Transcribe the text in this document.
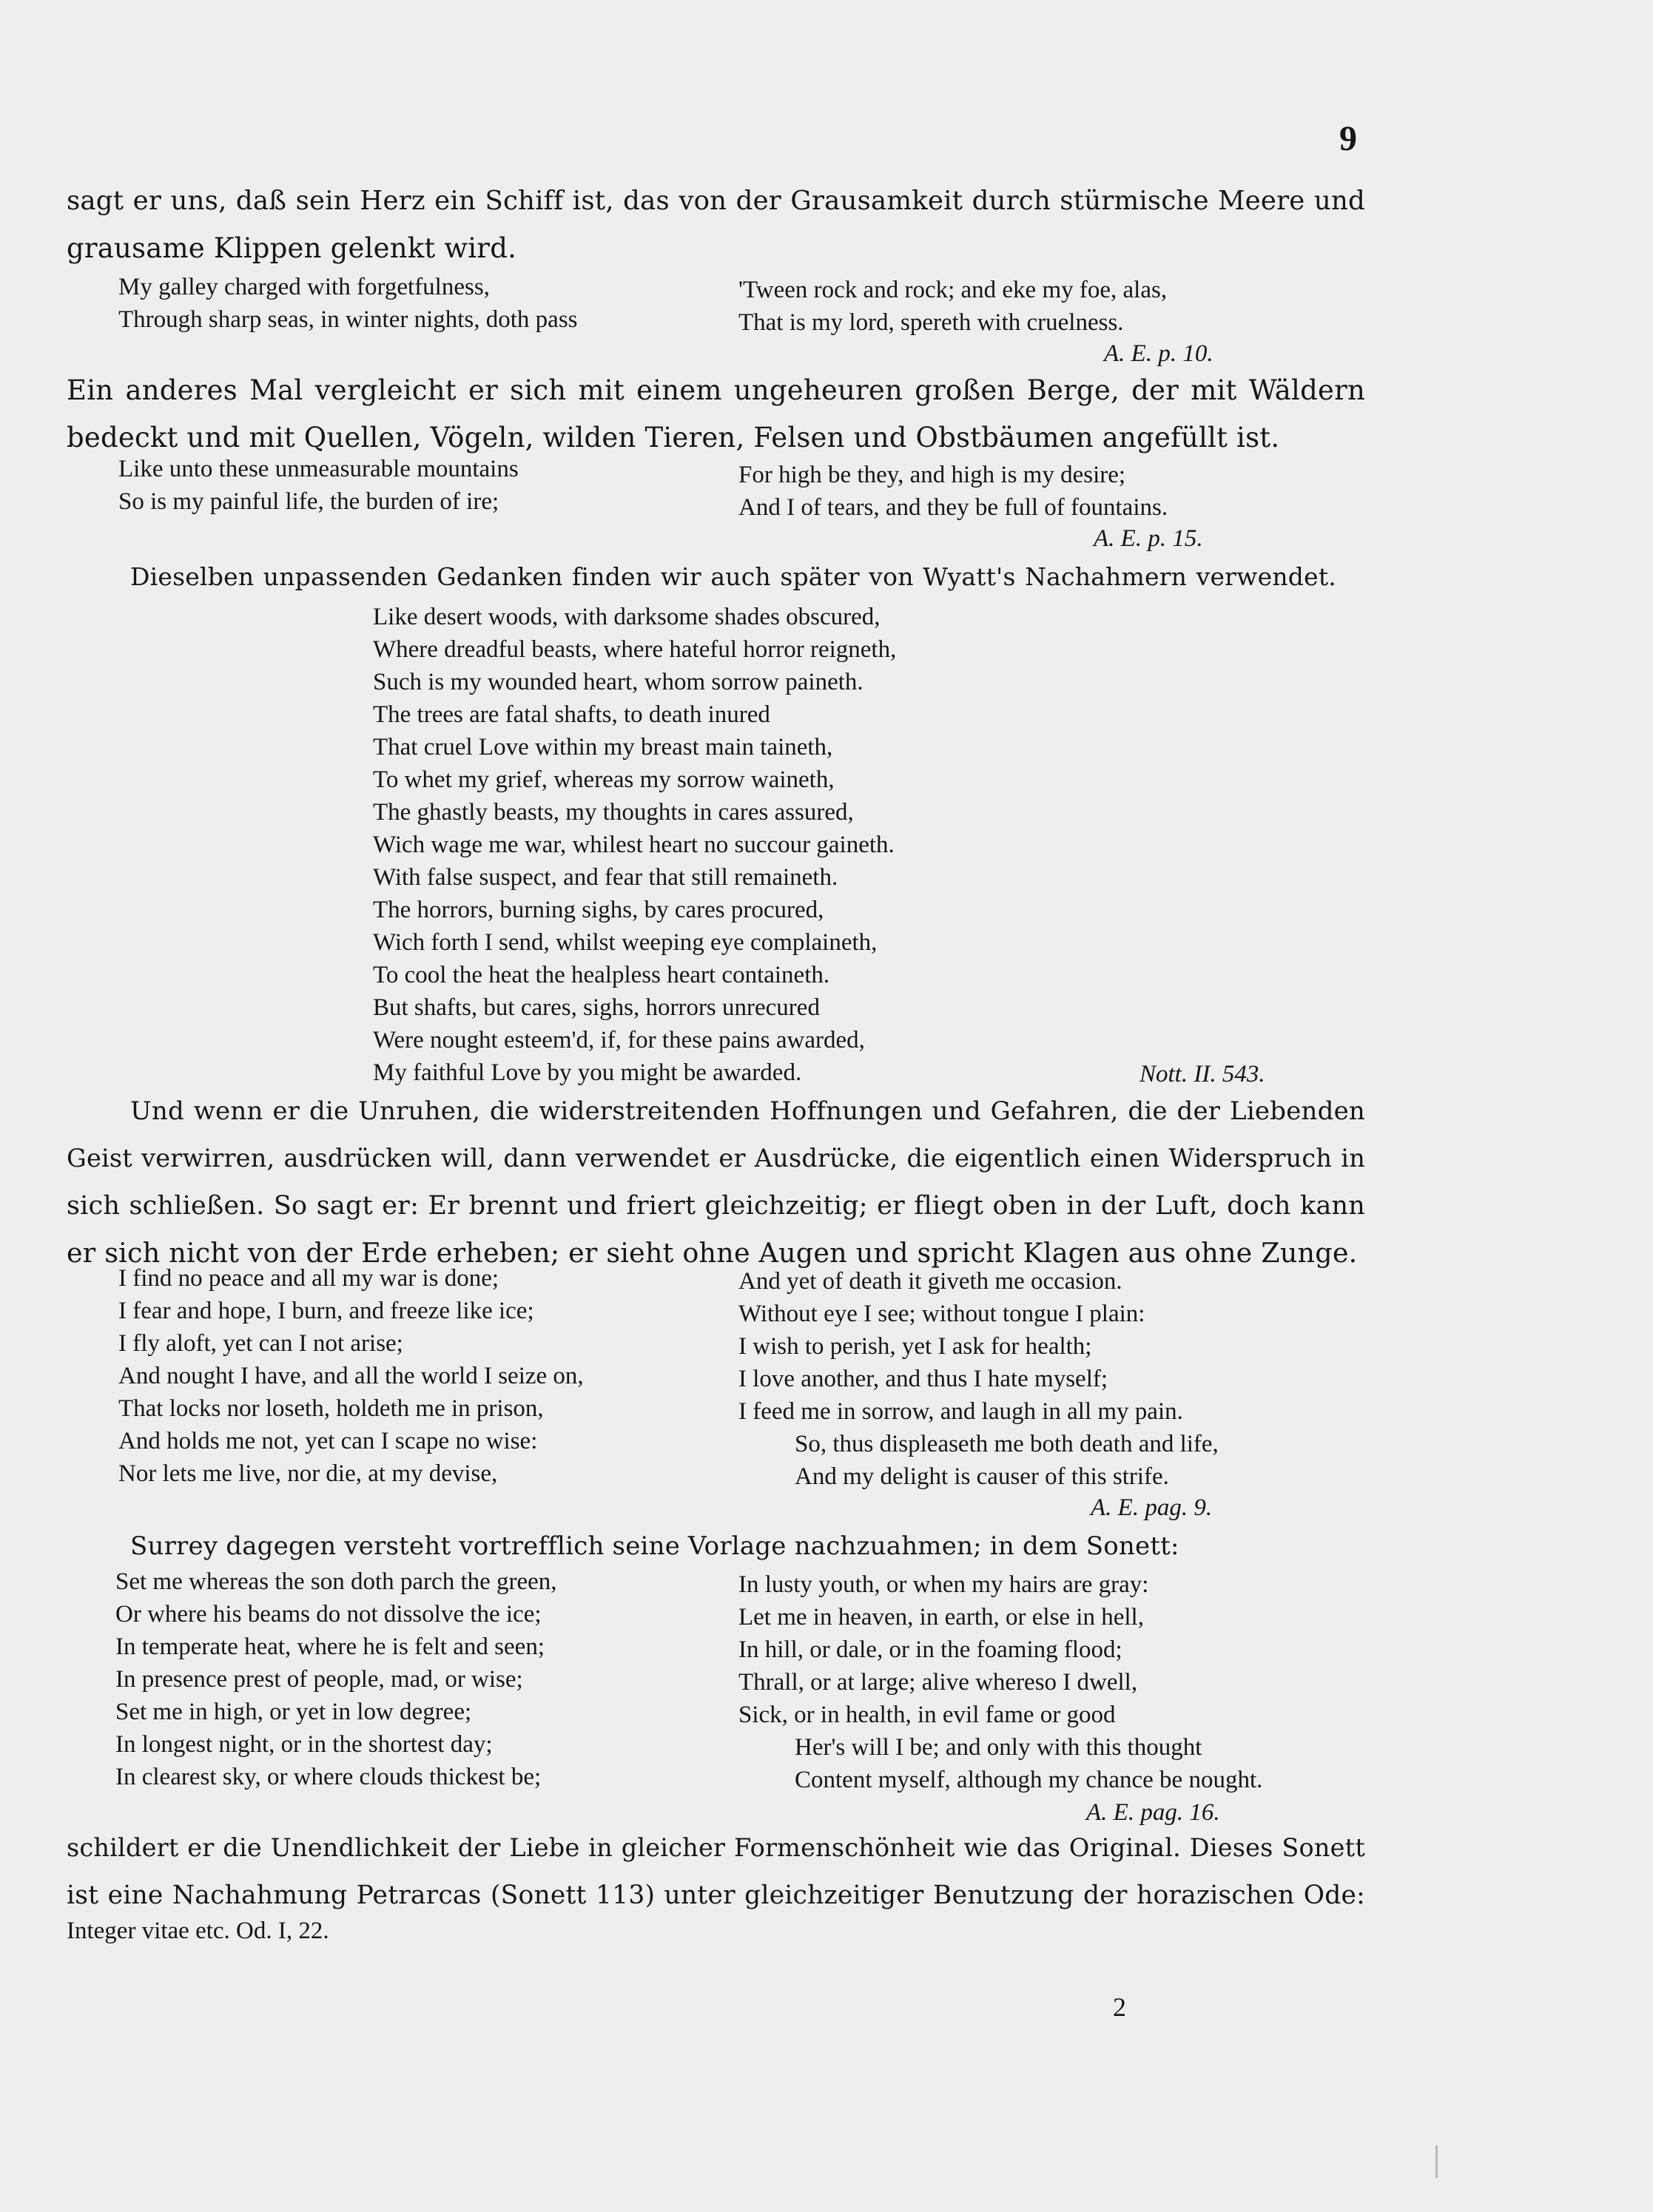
9
sagt er uns, daß sein Herz ein Schiff ist, das von der Grausamkeit durch stürmische Meere und
grausame Klippen gelenkt wird.
My galley charged with forgetfulness,
Through sharp seas, in winter nights, doth pass
'Tween rock and rock; and eke my foe, alas,
That is my lord, spereth with cruelness.
A. E. p. 10.
Ein anderes Mal vergleicht er sich mit einem ungeheuren großen Berge, der mit Wäldern
bedeckt und mit Quellen, Vögeln, wilden Tieren, Felsen und Obstbäumen angefüllt ist.
Like unto these unmeasurable mountains
So is my painful life, the burden of ire;
For high be they, and high is my desire;
And I of tears, and they be full of fountains.
A. E. p. 15.
Dieselben unpassenden Gedanken finden wir auch später von Wyatt's Nachahmern verwendet.
Like desert woods, with darksome shades obscured,
Where dreadful beasts, where hateful horror reigneth,
Such is my wounded heart, whom sorrow paineth.
The trees are fatal shafts, to death inured
That cruel Love within my breast main taineth,
To whet my grief, whereas my sorrow waineth,
The ghastly beasts, my thoughts in cares assured,
Wich wage me war, whilest heart no succour gaineth.
With false suspect, and fear that still remaineth.
The horrors, burning sighs, by cares procured,
Wich forth I send, whilst weeping eye complaineth,
To cool the heat the healpless heart containeth.
But shafts, but cares, sighs, horrors unrecured
Were nought esteem'd, if, for these pains awarded,
My faithful Love by you might be awarded.	Nott. II. 543.
Und wenn er die Unruhen, die widerstreitenden Hoffnungen und Gefahren, die der Liebenden
Geist verwirren, ausdrücken will, dann verwendet er Ausdrücke, die eigentlich einen Widerspruch in
sich schließen. So sagt er: Er brennt und friert gleichzeitig; er fliegt oben in der Luft, doch kann
er sich nicht von der Erde erheben; er sieht ohne Augen und spricht Klagen aus ohne Zunge.
I find no peace and all my war is done;
I fear and hope, I burn, and freeze like ice;
I fly aloft, yet can I not arise;
And nought I have, and all the world I seize on,
That locks nor loseth, holdeth me in prison,
And holds me not, yet can I scape no wise:
Nor lets me live, nor die, at my devise,
And yet of death it giveth me occasion.
Without eye I see; without tongue I plain:
I wish to perish, yet I ask for health;
I love another, and thus I hate myself;
I feed me in sorrow, and laugh in all my pain.
So, thus displeaseth me both death and life,
And my delight is causer of this strife.
A. E. pag. 9.
Surrey dagegen versteht vortrefflich seine Vorlage nachzuahmen; in dem Sonett:
Set me whereas the son doth parch the green,
Or where his beams do not dissolve the ice;
In temperate heat, where he is felt and seen;
In presence prest of people, mad, or wise;
Set me in high, or yet in low degree;
In longest night, or in the shortest day;
In clearest sky, or where clouds thickest be;
In lusty youth, or when my hairs are gray:
Let me in heaven, in earth, or else in hell,
In hill, or dale, or in the foaming flood;
Thrall, or at large; alive whereso I dwell,
Sick, or in health, in evil fame or good
Her's will I be; and only with this thought
Content myself, although my chance be nought.
A. E. pag. 16.
schildert er die Unendlichkeit der Liebe in gleicher Formenschönheit wie das Original. Dieses Sonett
ist eine Nachahmung Petrarcas (Sonett 113) unter gleichzeitiger Benutzung der horazischen Ode:
Integer vitae etc. Od. I, 22.
2
